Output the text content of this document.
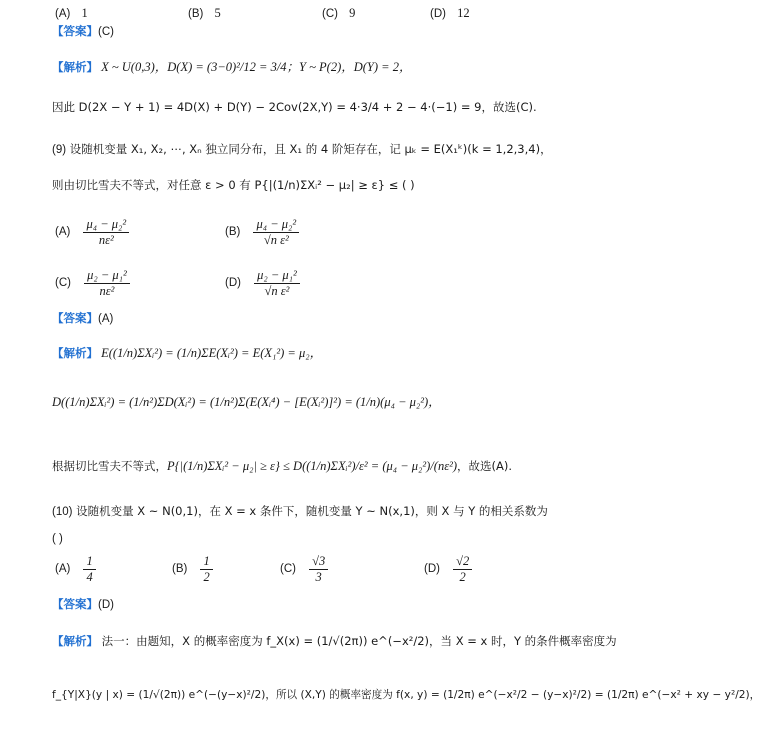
(A) 1	(B) 5	(C) 9	(D) 12
【答案】(C)
【解析】 X ~ U(0,3)，D(X) = (3−0)²/12 = 3/4；Y ~ P(2)，D(Y) = 2，
因此 D(2X − Y + 1) = 4D(X) + D(Y) − 2Cov(2X,Y) = 4·3/4 + 2 − 4·(−1) = 9，故选(C).
(9) 设随机变量 X₁, X₂, ⋯, Xₙ 独立同分布，且 X₁ 的 4 阶矩存在，记 μₖ = E(X₁ᵏ)(k = 1,2,3,4)，
则由切比雪夫不等式，对任意 ε > 0 有 P{|(1/n)ΣXᵢ² − μ₂| ≥ ε} ≤ ( )
$(A) \frac{\text{μ₄ − μ₂²}}{\text{nε²}}$	$(B) \frac{\text{μ₄ − μ₂²}}{\text{√n ε²}}$
$(C) \frac{\text{μ₂ − μ₁²}}{\text{nε²}}$	$(D) \frac{\text{μ₂ − μ₁²}}{\text{√n ε²}}$
【答案】(A)
【解析】 E((1/n)ΣXᵢ²) = (1/n)ΣE(Xᵢ²) = E(X₁²) = μ₂，
D((1/n)ΣXᵢ²) = (1/n²)ΣD(Xᵢ²) = (1/n²)Σ(E(Xᵢ⁴) − [E(Xᵢ²)]²) = (1/n)(μ₄ − μ₂²)，
根据切比雪夫不等式，P{|(1/n)ΣXᵢ² − μ₂| ≥ ε} ≤ D((1/n)ΣXᵢ²)/ε² = (μ₄ − μ₂²)/(nε²)，故选(A).
(10) 设随机变量 X ~ N(0,1)，在 X = x 条件下，随机变量 Y ~ N(x,1)，则 X 与 Y 的相关系数为
( )
$(A) \frac{1}{4}$	$(B) \frac{1}{2}$	$(C) \frac{√3}{3}$	$(D) \frac{√2}{2}$
【答案】(D)
【解析】 法一：由题知，X 的概率密度为 f_X(x) = (1/√(2π)) e^(−x²/2)，当 X = x 时，Y 的条件概率密度为
f_{Y|X}(y | x) = (1/√(2π)) e^(−(y−x)²/2)，所以 (X,Y) 的概率密度为 f(x, y) = (1/2π) e^(−x²/2 − (y−x)²/2) = (1/2π) e^(−x² + xy − y²/2)，
